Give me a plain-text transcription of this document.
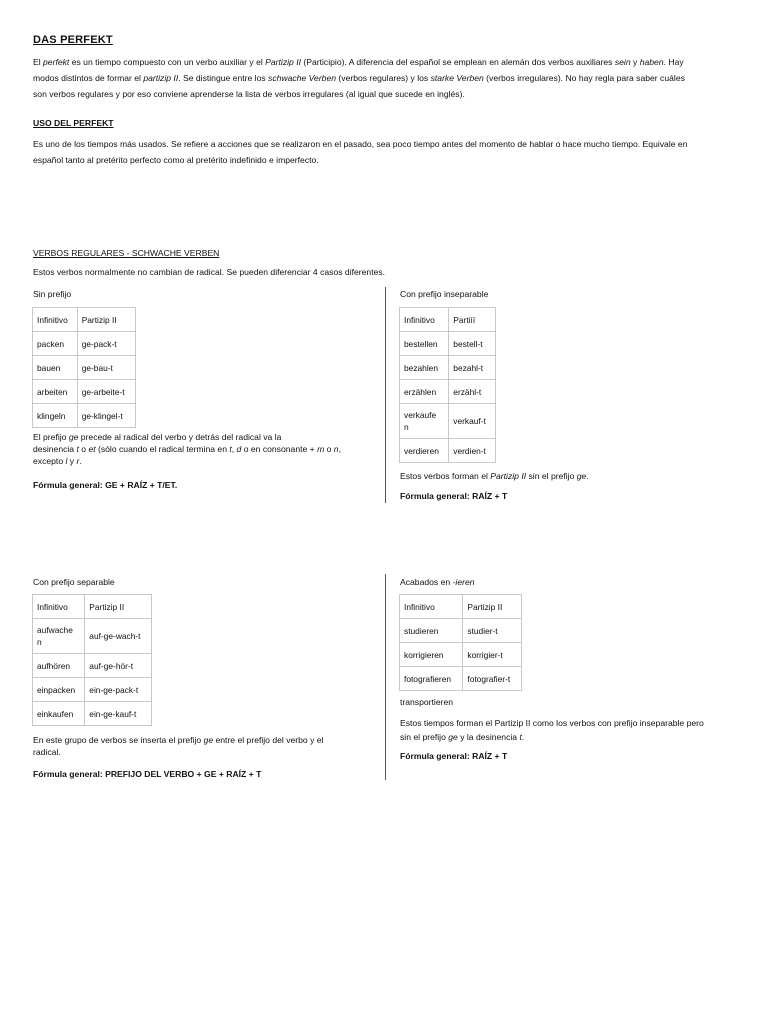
DAS PERFEKT
El perfekt es un tiempo compuesto con un verbo auxiliar y el Partizip II (Participio). A diferencia del español se emplean en alemán dos verbos auxiliares sein y haben. Hay
modos distintos de formar el partizip II. Se distingue entre los schwache Verben (verbos regulares) y los starke Verben (verbos irregulares). No hay regla para saber cuáles
son verbos regulares y por eso conviene aprenderse la lista de verbos irregulares (al igual que sucede en inglés).
USO DEL PERFEKT
Es uno de los tiempos más usados. Se refiere a acciones que se realizaron en el pasado, sea poco tiempo antes del momento de hablar o hace mucho tiempo. Equivale en
español tanto al pretérito perfecto como al pretérito indefinido e imperfecto.
VERBOS REGULARES - SCHWACHE VERBEN
Estos verbos normalmente no cambian de radical. Se pueden diferenciar 4 casos diferentes.
Sin prefijo
Infinitivo	Partizip II
packen	ge-pack-t
bauen	ge-bau-t
arbeiten	ge-arbeite-t
klingeln	ge-klingel-t
El prefijo ge precede al radical del verbo y detrás del radical va la
desinencia t o et (sólo cuando el radical termina en t, d o en consonante + m o n,
excepto l y r.
Fórmula general: GE + RAÍZ + T/ET.
Con prefijo inseparable
Infinitivo	Partiíí
bestellen	bestell-t
bezahlen	bezahl-t
erzählen	erzähl-t
verkaufe
n	verkauf-t
verdieren	verdien-t
Estos verbos forman el Partizip II sin el prefijo ge.
Fórmula general: RAÍZ + T
Con prefijo separable
Infinitivo	Partizip II
aufwache
n	auf-ge-wach-t
aufhören	auf-ge-hör-t
einpacken	ein-ge-pack-t
einkaufen	ein-ge-kauf-t
En este grupo de verbos se inserta el prefijo ge entre el prefijo del verbo y el
radical.
Fórmula general: PREFIJO DEL VERBO + GE + RAÍZ + T
Acabados en -ieren
Infinitivo	Partizip II
studieren	studier-t
korrigieren	korrigier-t
fotografieren	fotografier-t
transportieren
Estos tiempos forman el Partizip II como los verbos con prefijo inseparable pero
sin el prefijo ge y la desinencia t.
Fórmula general: RAÍZ + T
